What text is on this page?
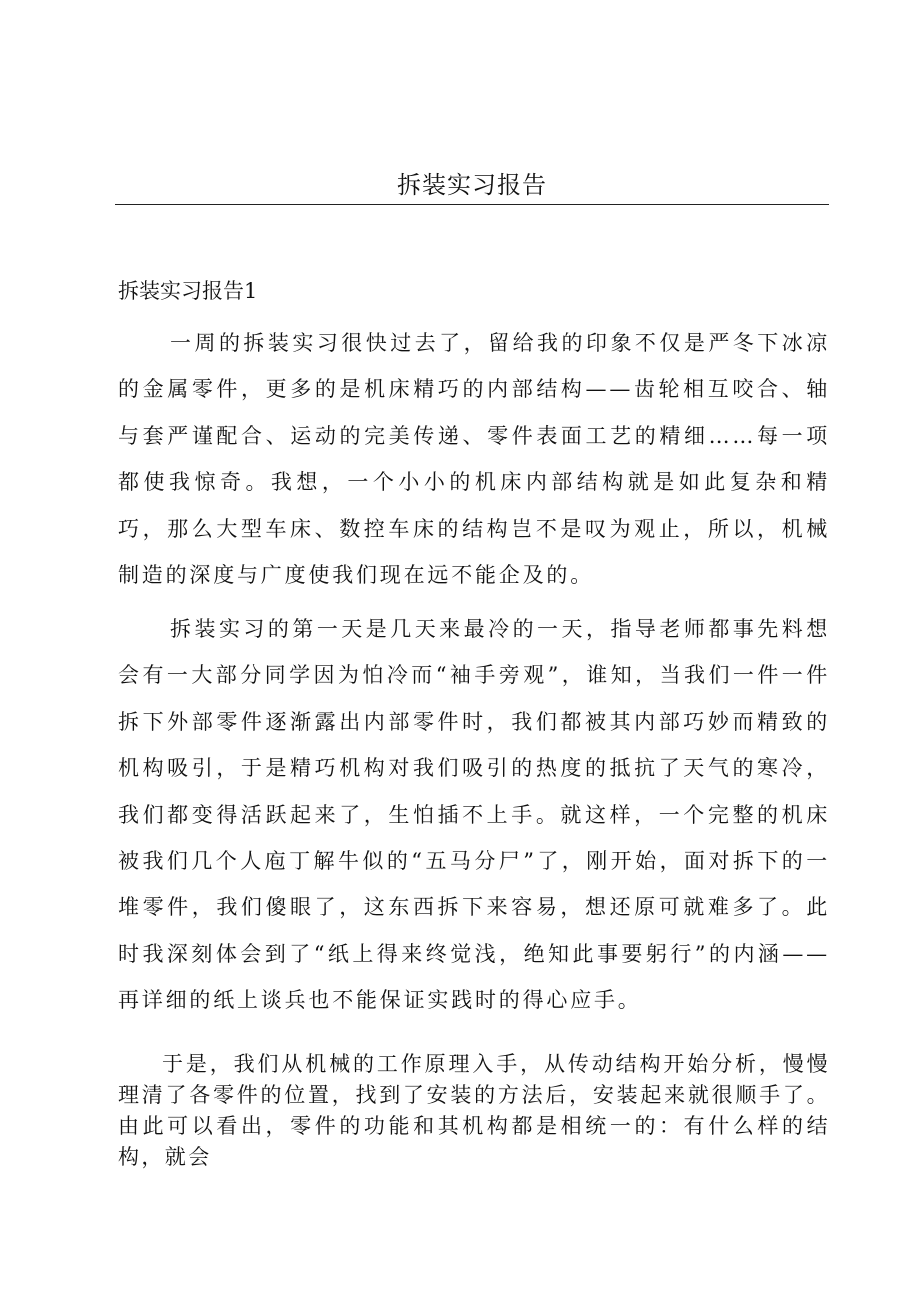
拆装实习报告
拆装实习报告1

一周的拆装实习很快过去了，留给我的印象不仅是严冬下冰凉的金属零件，更多的是机床精巧的内部结构——齿轮相互咬合、轴与套严谨配合、运动的完美传递、零件表面工艺的精细……每一项都使我惊奇。我想，一个小小的机床内部结构就是如此复杂和精巧，那么大型车床、数控车床的结构岂不是叹为观止，所以，机械制造的深度与广度使我们现在远不能企及的。

拆装实习的第一天是几天来最冷的一天，指导老师都事先料想会有一大部分同学因为怕冷而“袖手旁观”，谁知，当我们一件一件拆下外部零件逐渐露出内部零件时，我们都被其内部巧妙而精致的机构吸引，于是精巧机构对我们吸引的热度的抵抗了天气的寒冷，我们都变得活跃起来了，生怕插不上手。就这样，一个完整的机床被我们几个人庖丁解牛似的“五马分尸”了，刚开始，面对拆下的一堆零件，我们傻眼了，这东西拆下来容易，想还原可就难多了。此时我深刻体会到了“纸上得来终觉浅，绝知此事要躬行”的内涵——再详细的纸上谈兵也不能保证实践时的得心应手。

于是，我们从机械的工作原理入手，从传动结构开始分析，慢慢理清了各零件的位置，找到了安装的方法后，安装起来就很顺手了。由此可以看出，零件的功能和其机构都是相统一的：有什么样的结构，就会
